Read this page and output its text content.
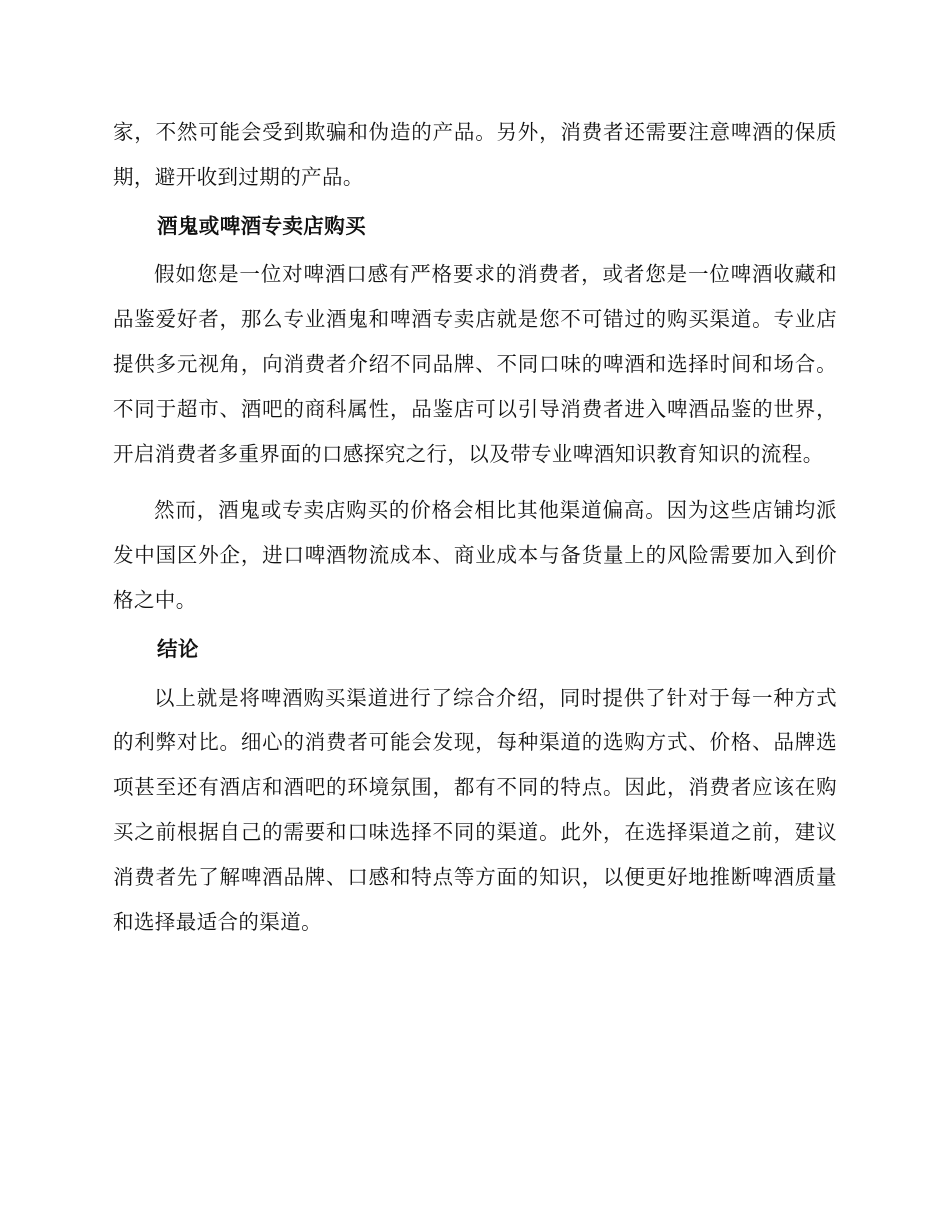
家，不然可能会受到欺骗和伪造的产品。另外，消费者还需要注意啤酒的保质期，避开收到过期的产品。

酒鬼或啤酒专卖店购买

假如您是一位对啤酒口感有严格要求的消费者，或者您是一位啤酒收藏和品鉴爱好者，那么专业酒鬼和啤酒专卖店就是您不可错过的购买渠道。专业店提供多元视角，向消费者介绍不同品牌、不同口味的啤酒和选择时间和场合。不同于超市、酒吧的商科属性，品鉴店可以引导消费者进入啤酒品鉴的世界，开启消费者多重界面的口感探究之行，以及带专业啤酒知识教育知识的流程。

然而，酒鬼或专卖店购买的价格会相比其他渠道偏高。因为这些店铺均派发中国区外企，进口啤酒物流成本、商业成本与备货量上的风险需要加入到价格之中。

结论

以上就是将啤酒购买渠道进行了综合介绍，同时提供了针对于每一种方式的利弊对比。细心的消费者可能会发现，每种渠道的选购方式、价格、品牌选项甚至还有酒店和酒吧的环境氛围，都有不同的特点。因此，消费者应该在购买之前根据自己的需要和口味选择不同的渠道。此外，在选择渠道之前，建议消费者先了解啤酒品牌、口感和特点等方面的知识，以便更好地推断啤酒质量和选择最适合的渠道。
